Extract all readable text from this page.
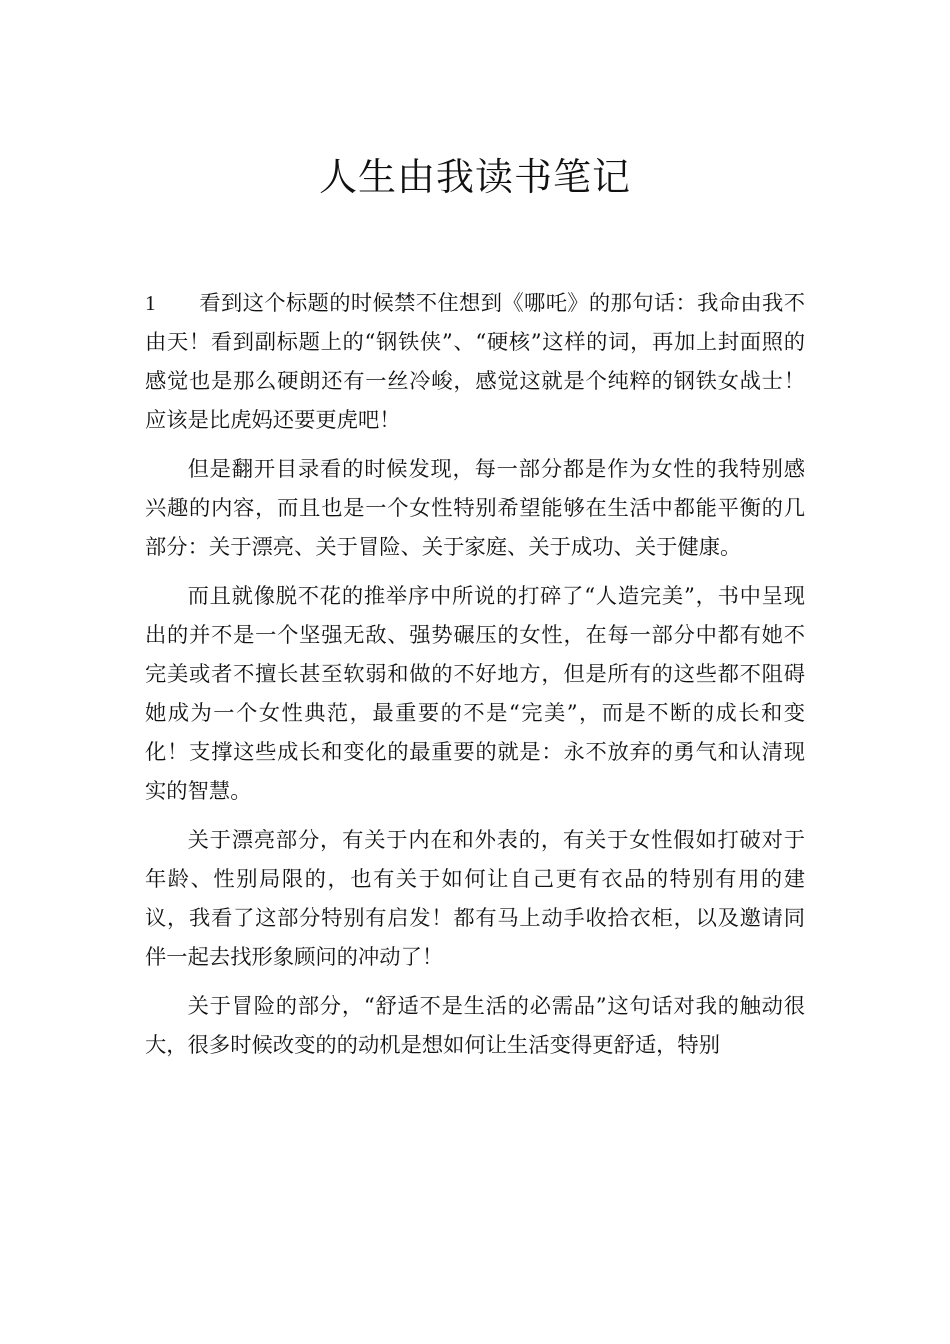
人生由我读书笔记

1 看到这个标题的时候禁不住想到《哪吒》的那句话：我命由我不由天！看到副标题上的“钢铁侠”、“硬核”这样的词，再加上封面照的感觉也是那么硬朗还有一丝冷峻，感觉这就是个纯粹的钢铁女战士！应该是比虎妈还要更虎吧！

但是翻开目录看的时候发现，每一部分都是作为女性的我特别感兴趣的内容，而且也是一个女性特别希望能够在生活中都能平衡的几部分：关于漂亮、关于冒险、关于家庭、关于成功、关于健康。

而且就像脱不花的推举序中所说的打碎了“人造完美”，书中呈现出的并不是一个坚强无敌、强势碾压的女性，在每一部分中都有她不完美或者不擅长甚至软弱和做的不好地方，但是所有的这些都不阻碍她成为一个女性典范，最重要的不是“完美”，而是不断的成长和变化！支撑这些成长和变化的最重要的就是：永不放弃的勇气和认清现实的智慧。

关于漂亮部分，有关于内在和外表的，有关于女性假如打破对于年龄、性别局限的，也有关于如何让自己更有衣品的特别有用的建议，我看了这部分特别有启发！都有马上动手收拾衣柜，以及邀请同伴一起去找形象顾问的冲动了！

关于冒险的部分，“舒适不是生活的必需品”这句话对我的触动很大，很多时候改变的的动机是想如何让生活变得更舒适，特别
